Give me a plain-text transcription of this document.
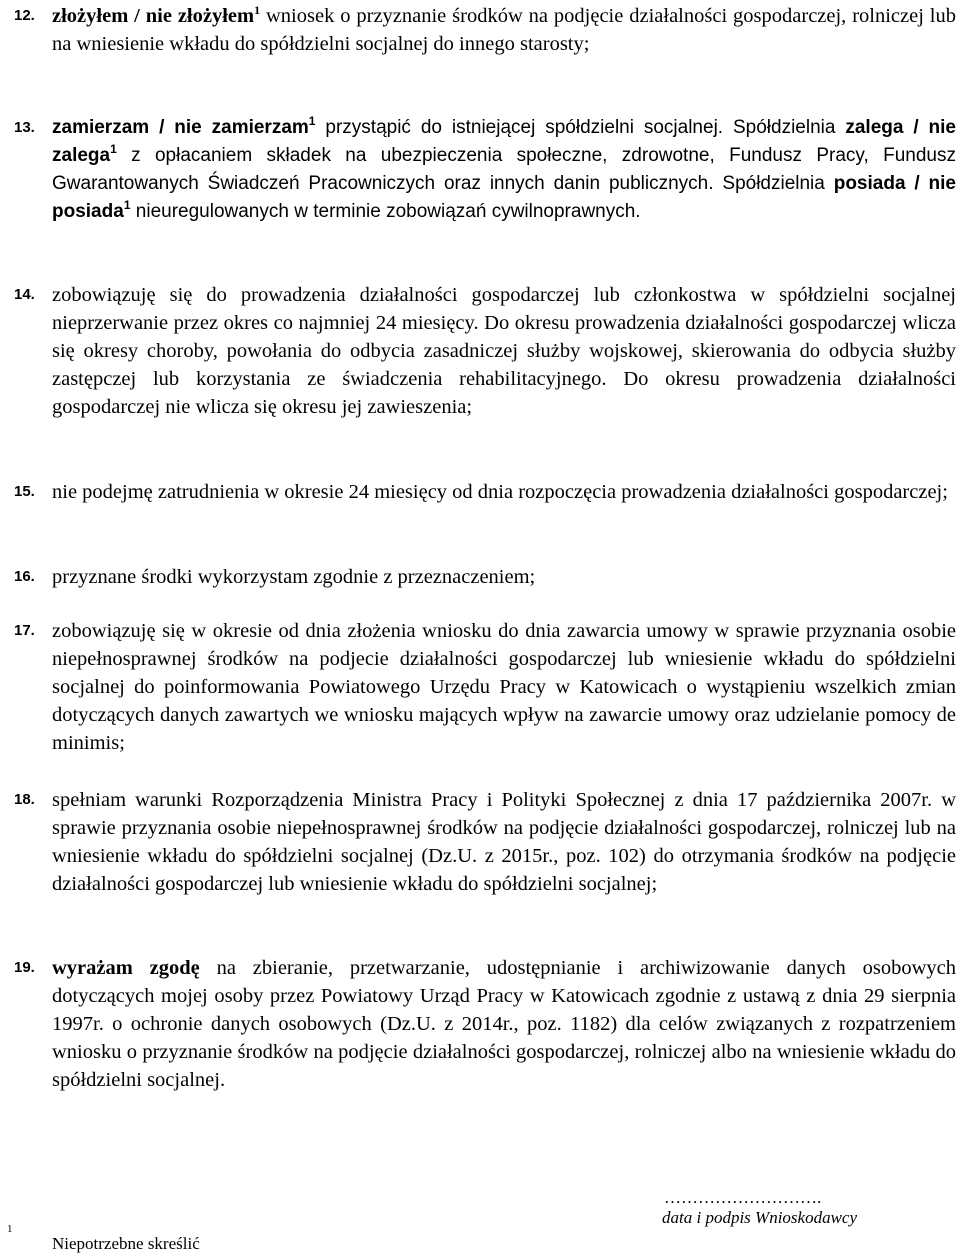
12. złożyłem / nie złożyłem$^1$ wniosek o przyznanie środków na podjęcie działalności gospodarczej, rolniczej lub na wniesienie wkładu do spółdzielni socjalnej do innego starosty;
13. zamierzam / nie zamierzam$^1$ przystąpić do istniejącej spółdzielni socjalnej. Spółdzielnia zalega / nie zalega$^1$ z opłacaniem składek na ubezpieczenia społeczne, zdrowotne, Fundusz Pracy, Fundusz Gwarantowanych Świadczeń Pracowniczych oraz innych danin publicznych. Spółdzielnia posiada / nie posiada$^1$ nieuregulowanych w terminie zobowiązań cywilnoprawnych.
14. zobowiązuję się do prowadzenia działalności gospodarczej lub członkostwa w spółdzielni socjalnej nieprzerwanie przez okres co najmniej 24 miesięcy. Do okresu prowadzenia działalności gospodarczej wlicza się okresy choroby, powołania do odbycia zasadniczej służby wojskowej, skierowania do odbycia służby zastępczej lub korzystania ze świadczenia rehabilitacyjnego. Do okresu prowadzenia działalności gospodarczej nie wlicza się okresu jej zawieszenia;
15. nie podejmę zatrudnienia w okresie 24 miesięcy od dnia rozpoczęcia prowadzenia działalności gospodarczej;
16. przyznane środki wykorzystam zgodnie z przeznaczeniem;
17. zobowiązuję się w okresie od dnia złożenia wniosku do dnia zawarcia umowy w sprawie przyznania osobie niepełnosprawnej środków na podjecie działalności gospodarczej lub wniesienie wkładu do spółdzielni socjalnej do poinformowania Powiatowego Urzędu Pracy w Katowicach o wystąpieniu wszelkich zmian dotyczących danych zawartych we wniosku mających wpływ na zawarcie umowy oraz udzielanie pomocy de minimis;
18. spełniam warunki Rozporządzenia Ministra Pracy i Polityki Społecznej z dnia 17 października 2007r. w sprawie przyznania osobie niepełnosprawnej środków na podjęcie działalności gospodarczej, rolniczej lub na wniesienie wkładu do spółdzielni socjalnej (Dz.U. z 2015r., poz. 102) do otrzymania środków na podjęcie działalności gospodarczej lub wniesienie wkładu do spółdzielni socjalnej;
19. wyrażam zgodę na zbieranie, przetwarzanie, udostępnianie i archiwizowanie danych osobowych dotyczących mojej osoby przez Powiatowy Urząd Pracy w Katowicach zgodnie z ustawą z dnia 29 sierpnia 1997r. o ochronie danych osobowych (Dz.U. z 2014r., poz. 1182) dla celów związanych z rozpatrzeniem wniosku o przyznanie środków na podjęcie działalności gospodarczej, rolniczej albo na wniesienie wkładu do spółdzielni socjalnej.
……………………….
data i podpis Wnioskodawcy
1
Niepotrzebne skreślić
